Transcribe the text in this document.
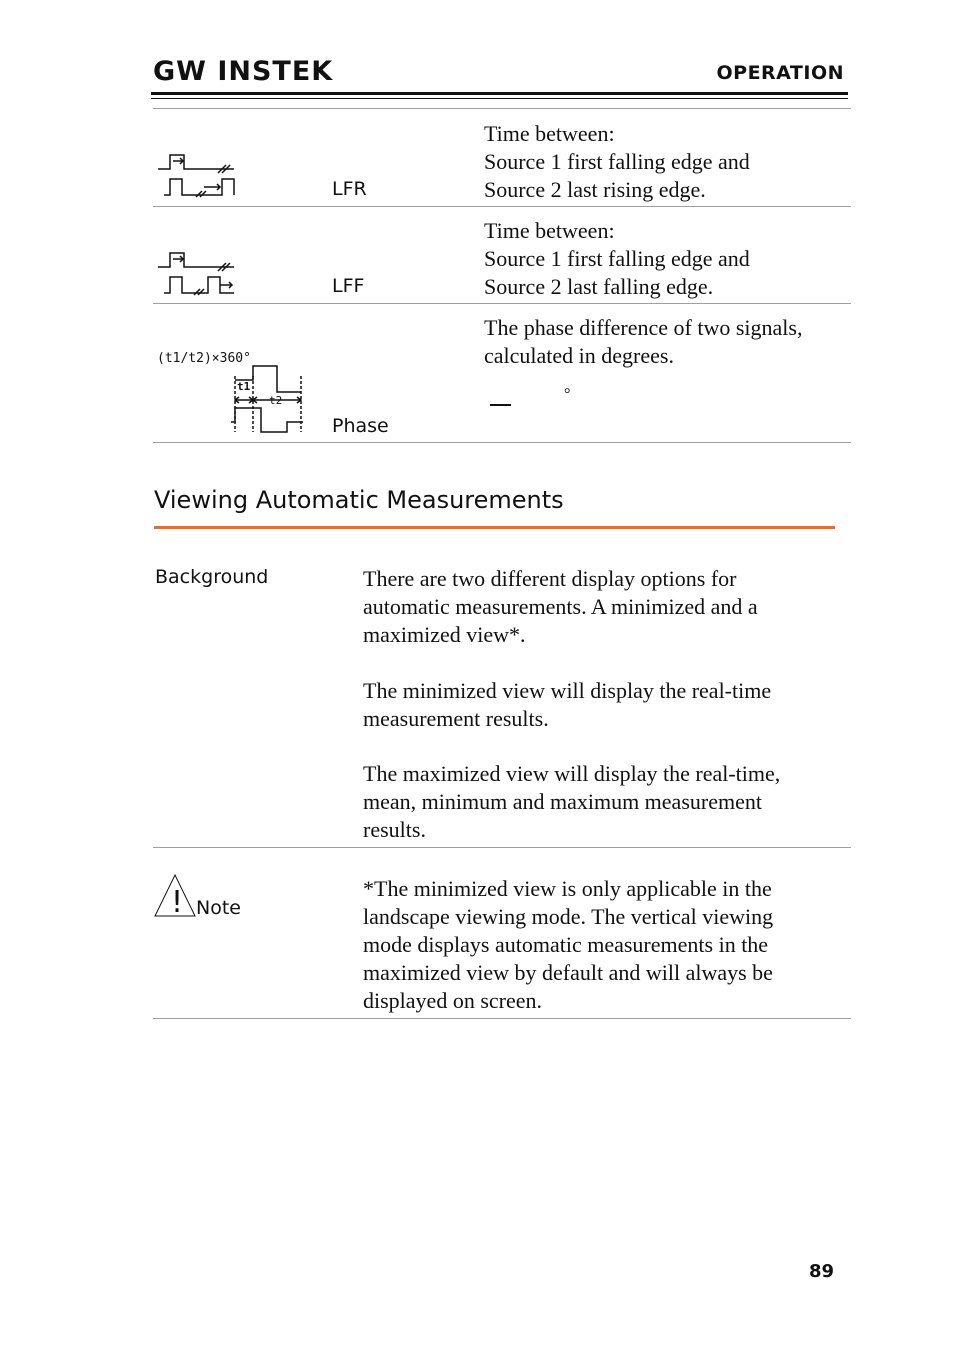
GW INSTEK	OPERATION
LFR
Time between:
Source 1 first falling edge and
Source 2 last rising edge.
LFF
Time between:
Source 1 first falling edge and
Source 2 last falling edge.
(t1/t2)×360°
t1
t2
Phase
The phase difference of two signals,
calculated in degrees.
°
Viewing Automatic Measurements
Background	There are two different display options for
automatic measurements. A minimized and a
maximized view*.
The minimized view will display the real-time
measurement results.
The maximized view will display the real-time,
mean, minimum and maximum measurement
results.
! Note
*The minimized view is only applicable in the
landscape viewing mode. The vertical viewing
mode displays automatic measurements in the
maximized view by default and will always be
displayed on screen.
89
